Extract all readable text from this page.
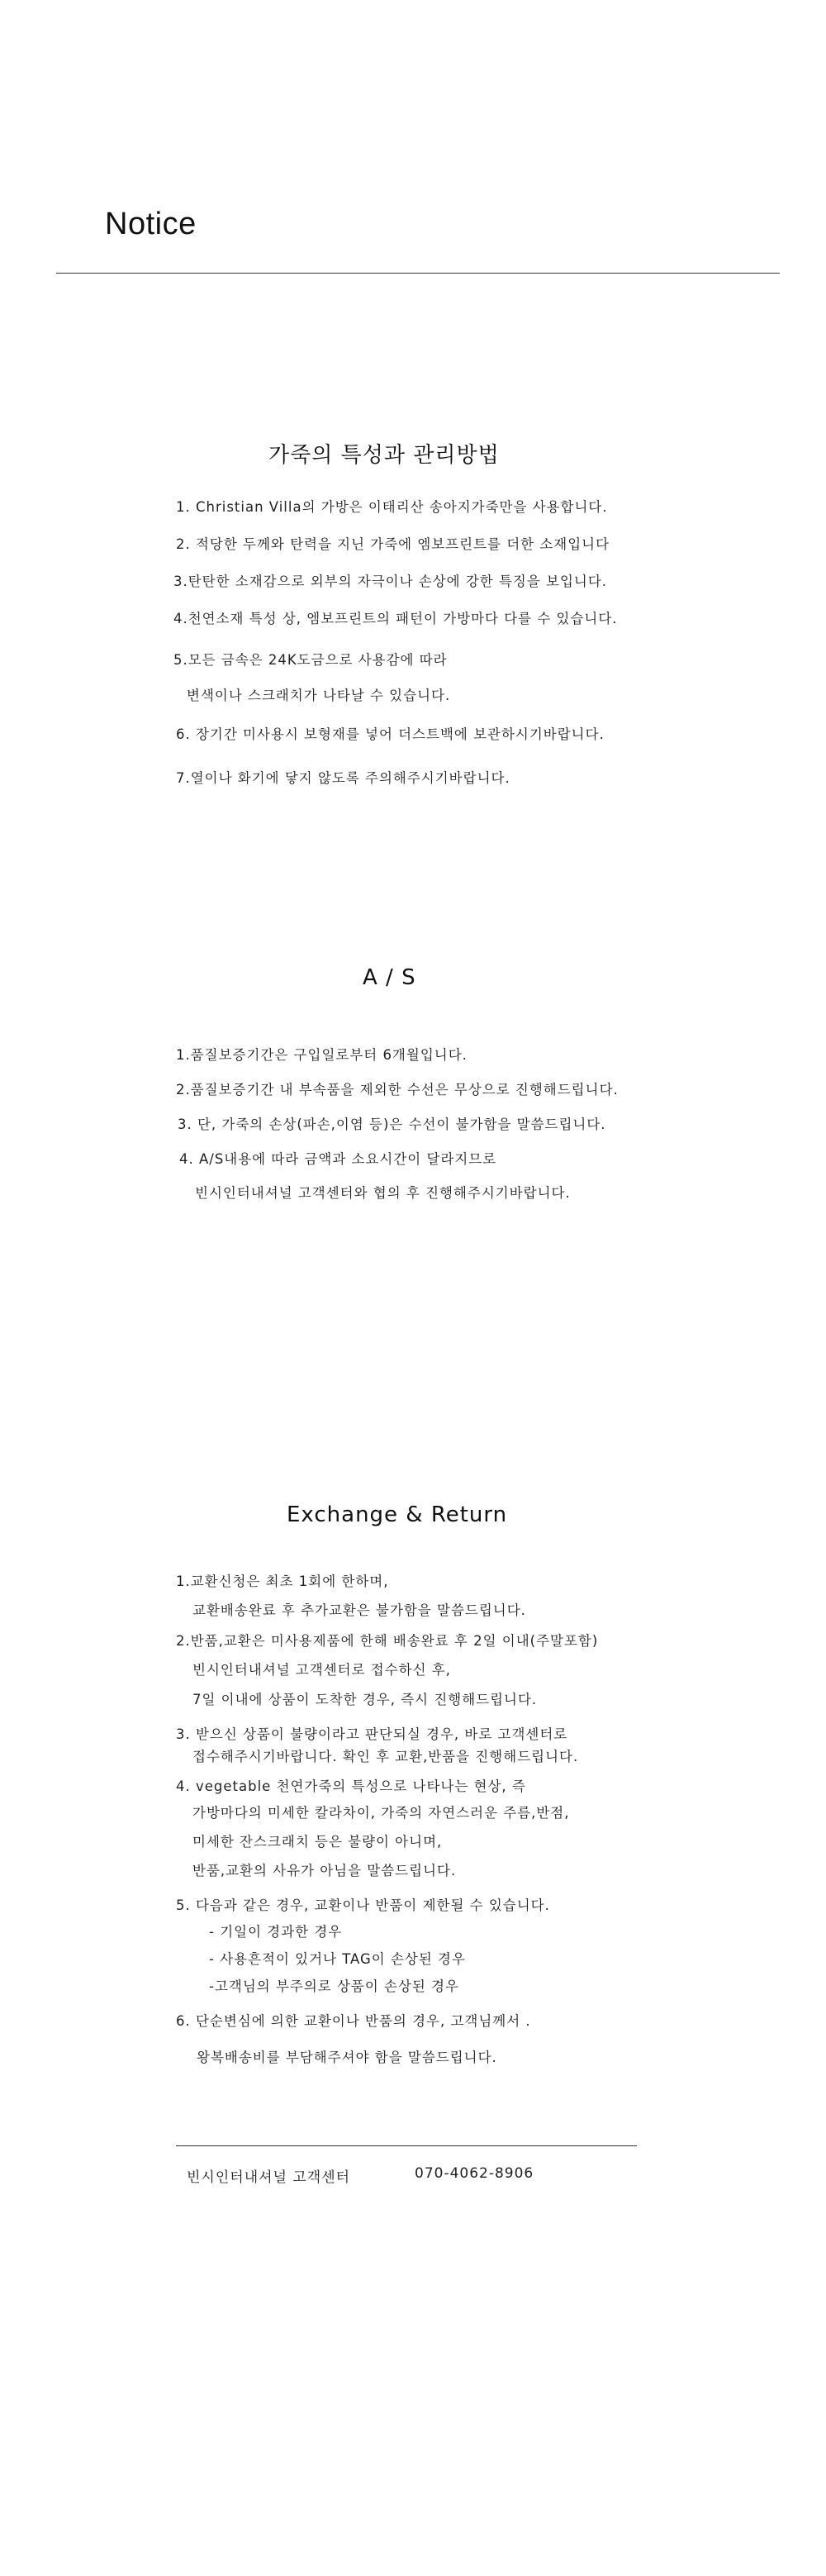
Notice
가죽의 특성과 관리방법
1. Christian Villa의 가방은 이태리산 송아지가죽만을 사용합니다.
2. 적당한 두께와 탄력을 지닌 가죽에 엠보프린트를 더한 소재입니다
3.탄탄한 소재감으로 외부의 자극이나 손상에 강한 특징을 보입니다.
4.천연소재 특성 상, 엠보프린트의 패턴이 가방마다 다를 수 있습니다.
5.모든 금속은 24K도금으로 사용감에 따라
변색이나 스크래치가 나타날 수 있습니다.
6. 장기간 미사용시 보형재를 넣어 더스트백에 보관하시기바랍니다.
7.열이나 화기에 닿지 않도록 주의해주시기바랍니다.
A / S
1.품질보증기간은 구입일로부터 6개월입니다.
2.품질보증기간 내 부속품을 제외한 수선은 무상으로 진행해드립니다.
3. 단, 가죽의 손상(파손,이염 등)은 수선이 불가함을 말씀드립니다.
4. A/S내용에 따라 금액과 소요시간이 달라지므로
빈시인터내셔널 고객센터와 협의 후 진행해주시기바랍니다.
Exchange & Return
1.교환신청은 최초 1회에 한하며,
교환배송완료 후 추가교환은 불가함을 말씀드립니다.
2.반품,교환은 미사용제품에 한해 배송완료 후 2일 이내(주말포함)
빈시인터내셔널 고객센터로 접수하신 후,
7일 이내에 상품이 도착한 경우, 즉시 진행해드립니다.
3. 받으신 상품이 불량이라고 판단되실 경우, 바로 고객센터로
접수해주시기바랍니다. 확인 후 교환,반품을 진행해드립니다.
4. vegetable 천연가죽의 특성으로 나타나는 현상, 즉
가방마다의 미세한 칼라차이, 가죽의 자연스러운 주름,반점,
미세한 잔스크래치 등은 불량이 아니며,
반품,교환의 사유가 아님을 말씀드립니다.
5. 다음과 같은 경우, 교환이나 반품이 제한될 수 있습니다.
- 기일이 경과한 경우
- 사용흔적이 있거나 TAG이 손상된 경우
-고객님의 부주의로 상품이 손상된 경우
6. 단순변심에 의한 교환이나 반품의 경우, 고객님께서 .
왕복배송비를 부담해주셔야 함을 말씀드립니다.
빈시인터내셔널 고객센터	070-4062-8906
